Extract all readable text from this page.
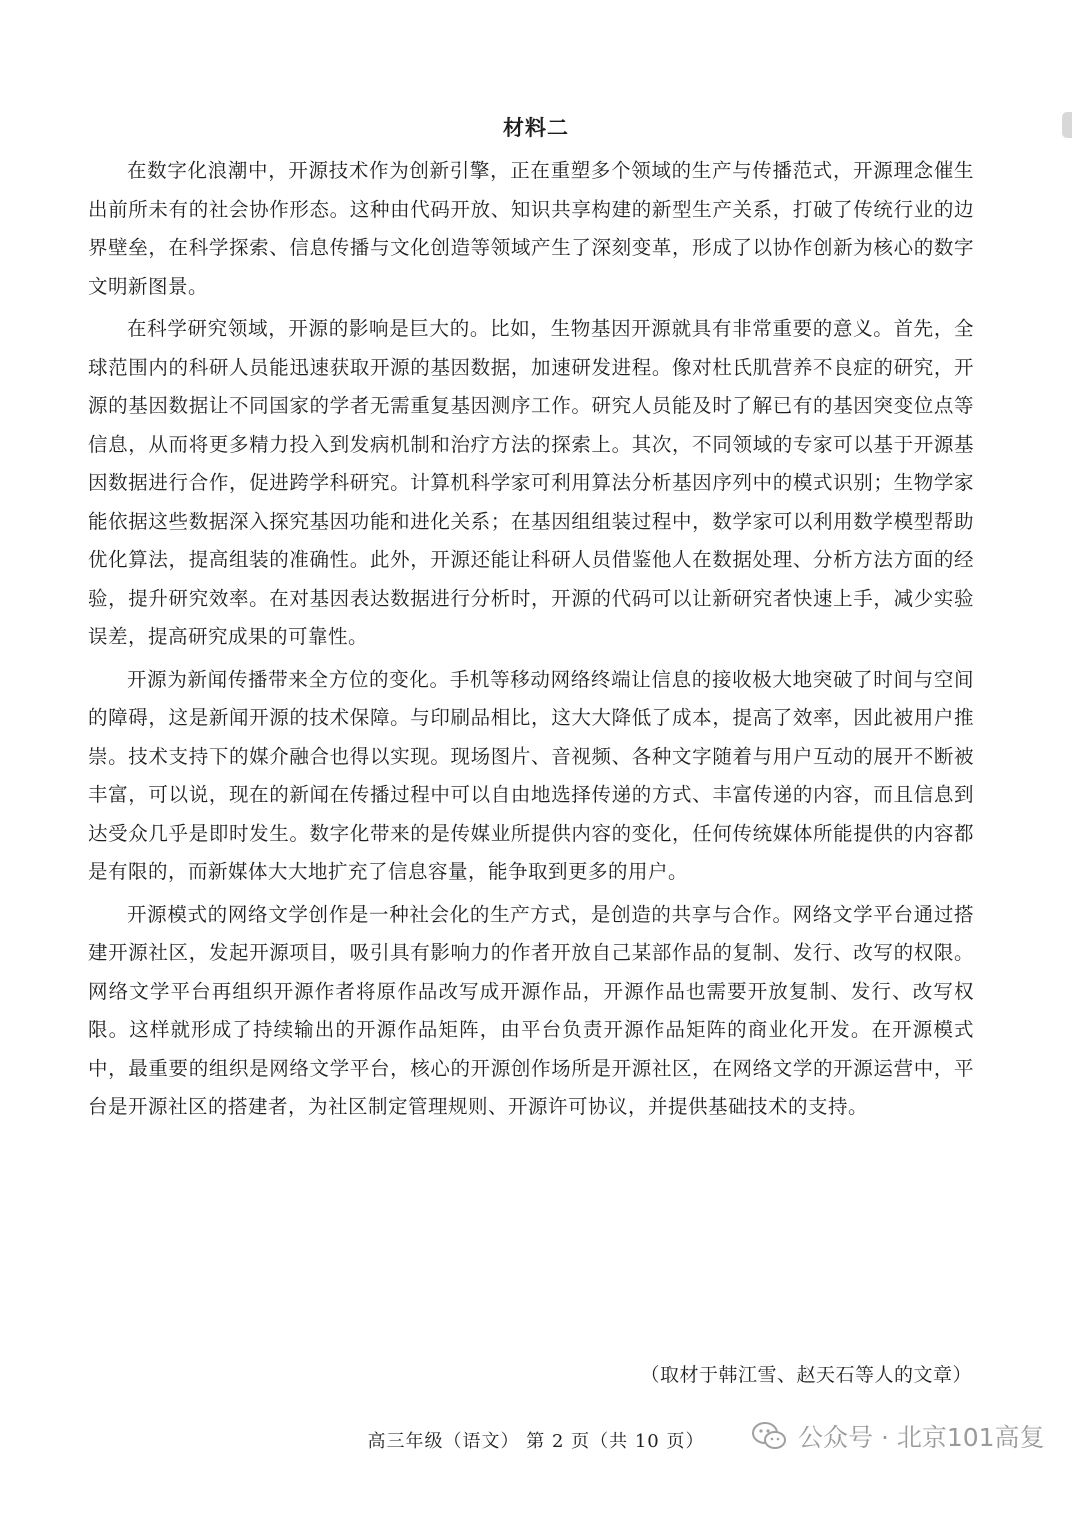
材料二

在数字化浪潮中，开源技术作为创新引擎，正在重塑多个领域的生产与传播范式，开源理念催生出前所未有的社会协作形态。这种由代码开放、知识共享构建的新型生产关系，打破了传统行业的边界壁垒，在科学探索、信息传播与文化创造等领域产生了深刻变革，形成了以协作创新为核心的数字文明新图景。

在科学研究领域，开源的影响是巨大的。比如，生物基因开源就具有非常重要的意义。首先，全球范围内的科研人员能迅速获取开源的基因数据，加速研发进程。像对杜氏肌营养不良症的研究，开源的基因数据让不同国家的学者无需重复基因测序工作。研究人员能及时了解已有的基因突变位点等信息，从而将更多精力投入到发病机制和治疗方法的探索上。其次，不同领域的专家可以基于开源基因数据进行合作，促进跨学科研究。计算机科学家可利用算法分析基因序列中的模式识别；生物学家能依据这些数据深入探究基因功能和进化关系；在基因组组装过程中，数学家可以利用数学模型帮助优化算法，提高组装的准确性。此外，开源还能让科研人员借鉴他人在数据处理、分析方法方面的经验，提升研究效率。在对基因表达数据进行分析时，开源的代码可以让新研究者快速上手，减少实验误差，提高研究成果的可靠性。

开源为新闻传播带来全方位的变化。手机等移动网络终端让信息的接收极大地突破了时间与空间的障碍，这是新闻开源的技术保障。与印刷品相比，这大大降低了成本，提高了效率，因此被用户推崇。技术支持下的媒介融合也得以实现。现场图片、音视频、各种文字随着与用户互动的展开不断被丰富，可以说，现在的新闻在传播过程中可以自由地选择传递的方式、丰富传递的内容，而且信息到达受众几乎是即时发生。数字化带来的是传媒业所提供内容的变化，任何传统媒体所能提供的内容都是有限的，而新媒体大大地扩充了信息容量，能争取到更多的用户。

开源模式的网络文学创作是一种社会化的生产方式，是创造的共享与合作。网络文学平台通过搭建开源社区，发起开源项目，吸引具有影响力的作者开放自己某部作品的复制、发行、改写的权限。网络文学平台再组织开源作者将原作品改写成开源作品，开源作品也需要开放复制、发行、改写权限。这样就形成了持续输出的开源作品矩阵，由平台负责开源作品矩阵的商业化开发。在开源模式中，最重要的组织是网络文学平台，核心的开源创作场所是开源社区，在网络文学的开源运营中，平台是开源社区的搭建者，为社区制定管理规则、开源许可协议，并提供基础技术的支持。

（取材于韩江雪、赵天石等人的文章）
高三年级（语文） 第 2 页（共 10 页）	公众号 · 北京101高复
